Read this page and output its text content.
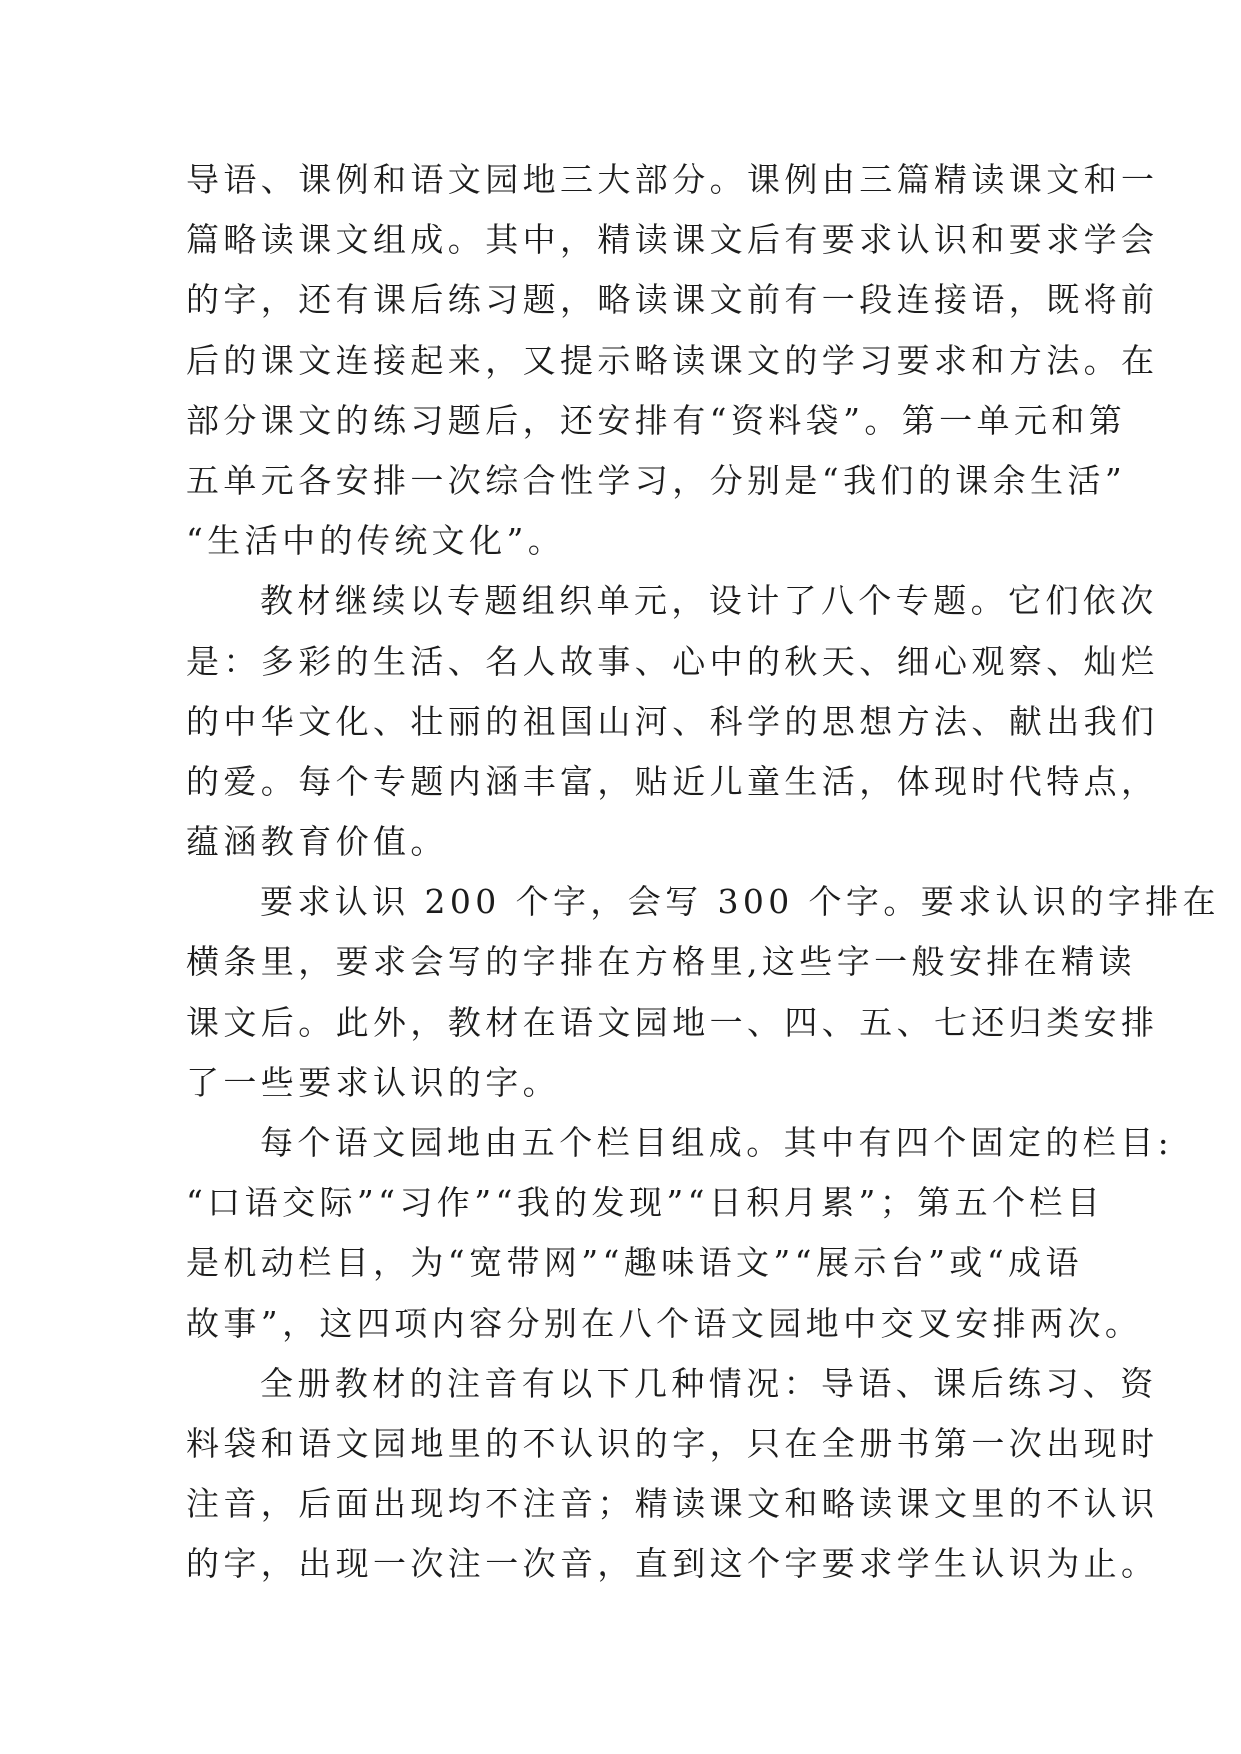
导语、课例和语文园地三大部分。课例由三篇精读课文和一
篇略读课文组成。其中，精读课文后有要求认识和要求学会
的字，还有课后练习题，略读课文前有一段连接语，既将前
后的课文连接起来，又提示略读课文的学习要求和方法。在
部分课文的练习题后，还安排有“资料袋”。第一单元和第
五单元各安排一次综合性学习，分别是“我们的课余生活”
“生活中的传统文化”。
教材继续以专题组织单元，设计了八个专题。它们依次
是：多彩的生活、名人故事、心中的秋天、细心观察、灿烂
的中华文化、壮丽的祖国山河、科学的思想方法、献出我们
的爱。每个专题内涵丰富，贴近儿童生活，体现时代特点，
蕴涵教育价值。
要求认识 200 个字，会写 300 个字。要求认识的字排在
横条里，要求会写的字排在方格里,这些字一般安排在精读
课文后。此外，教材在语文园地一、四、五、七还归类安排
了一些要求认识的字。
每个语文园地由五个栏目组成。其中有四个固定的栏目:
“口语交际”“习作”“我的发现”“日积月累”；第五个栏目
是机动栏目，为“宽带网”“趣味语文”“展示台”或“成语
故事”，这四项内容分别在八个语文园地中交叉安排两次。
全册教材的注音有以下几种情况：导语、课后练习、资
料袋和语文园地里的不认识的字，只在全册书第一次出现时
注音，后面出现均不注音；精读课文和略读课文里的不认识
的字，出现一次注一次音，直到这个字要求学生认识为止。
